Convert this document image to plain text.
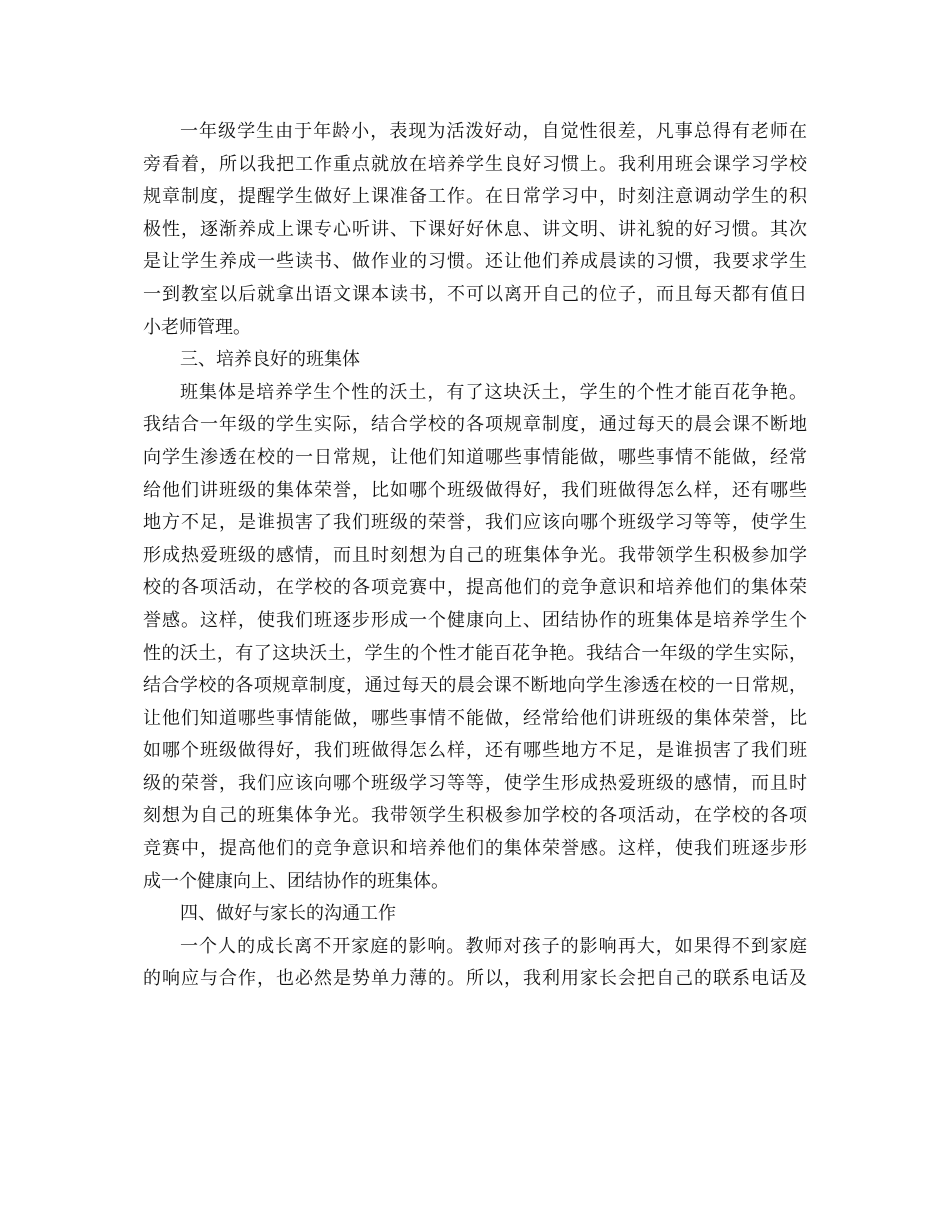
一年级学生由于年龄小，表现为活泼好动，自觉性很差，凡事总得有老师在
旁看着，所以我把工作重点就放在培养学生良好习惯上。我利用班会课学习学校
规章制度，提醒学生做好上课准备工作。在日常学习中，时刻注意调动学生的积
极性，逐渐养成上课专心听讲、下课好好休息、讲文明、讲礼貌的好习惯。其次
是让学生养成一些读书、做作业的习惯。还让他们养成晨读的习惯，我要求学生
一到教室以后就拿出语文课本读书，不可以离开自己的位子，而且每天都有值日
小老师管理。
三、培养良好的班集体
班集体是培养学生个性的沃土，有了这块沃土，学生的个性才能百花争艳。
我结合一年级的学生实际，结合学校的各项规章制度，通过每天的晨会课不断地
向学生渗透在校的一日常规，让他们知道哪些事情能做，哪些事情不能做，经常
给他们讲班级的集体荣誉，比如哪个班级做得好，我们班做得怎么样，还有哪些
地方不足，是谁损害了我们班级的荣誉，我们应该向哪个班级学习等等，使学生
形成热爱班级的感情，而且时刻想为自己的班集体争光。我带领学生积极参加学
校的各项活动，在学校的各项竞赛中，提高他们的竞争意识和培养他们的集体荣
誉感。这样，使我们班逐步形成一个健康向上、团结协作的班集体是培养学生个
性的沃土，有了这块沃土，学生的个性才能百花争艳。我结合一年级的学生实际，
结合学校的各项规章制度，通过每天的晨会课不断地向学生渗透在校的一日常规，
让他们知道哪些事情能做，哪些事情不能做，经常给他们讲班级的集体荣誉，比
如哪个班级做得好，我们班做得怎么样，还有哪些地方不足，是谁损害了我们班
级的荣誉，我们应该向哪个班级学习等等，使学生形成热爱班级的感情，而且时
刻想为自己的班集体争光。我带领学生积极参加学校的各项活动，在学校的各项
竞赛中，提高他们的竞争意识和培养他们的集体荣誉感。这样，使我们班逐步形
成一个健康向上、团结协作的班集体。
四、做好与家长的沟通工作
一个人的成长离不开家庭的影响。教师对孩子的影响再大，如果得不到家庭
的响应与合作，也必然是势单力薄的。所以，我利用家长会把自己的联系电话及
